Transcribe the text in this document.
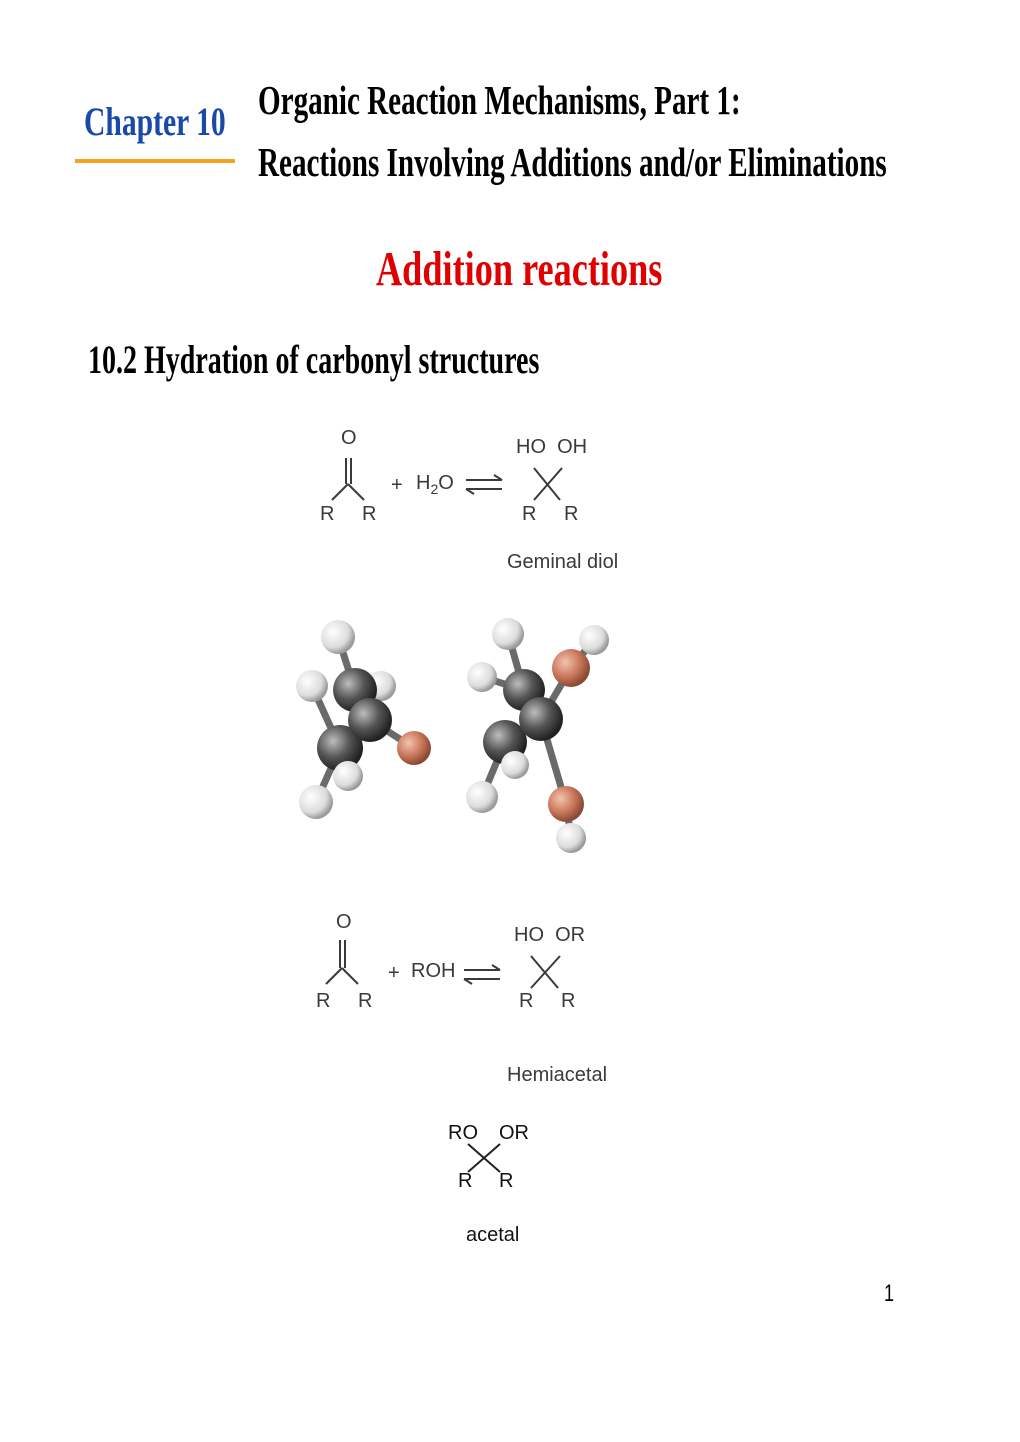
Chapter 10 Organic Reaction Mechanisms, Part 1:
Reactions Involving Additions and/or Eliminations
Addition reactions
10.2 Hydration of carbonyl structures
O
R R
+ $H_2O$
HO  OH
R R
Geminal diol
O
R R
+ ROH
HO  OR
R R
Hemiacetal
RO OR
R R
acetal
1
